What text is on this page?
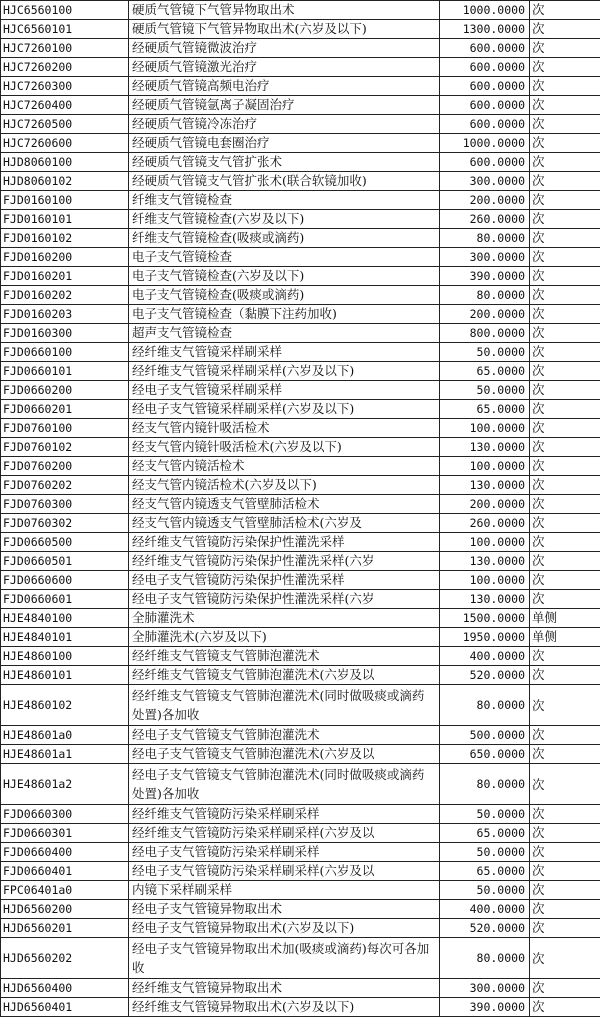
HJC6560100	硬质气管镜下气管异物取出术	1000.0000	次
HJC6560101	硬质气管镜下气管异物取出术(六岁及以下)	1300.0000	次
HJC7260100	经硬质气管镜微波治疗	600.0000	次
HJC7260200	经硬质气管镜激光治疗	600.0000	次
HJC7260300	经硬质气管镜高频电治疗	600.0000	次
HJC7260400	经硬质气管镜氩离子凝固治疗	600.0000	次
HJC7260500	经硬质气管镜冷冻治疗	600.0000	次
HJC7260600	经硬质气管镜电套圈治疗	1000.0000	次
HJD8060100	经硬质气管镜支气管扩张术	600.0000	次
HJD8060102	经硬质气管镜支气管扩张术(联合软镜加收)	300.0000	次
FJD0160100	纤维支气管镜检查	200.0000	次
FJD0160101	纤维支气管镜检查(六岁及以下)	260.0000	次
FJD0160102	纤维支气管镜检查(吸痰或滴药)	80.0000	次
FJD0160200	电子支气管镜检查	300.0000	次
FJD0160201	电子支气管镜检查(六岁及以下)	390.0000	次
FJD0160202	电子支气管镜检查(吸痰或滴药)	80.0000	次
FJD0160203	电子支气管镜检查（黏膜下注药加收)	200.0000	次
FJD0160300	超声支气管镜检查	800.0000	次
FJD0660100	经纤维支气管镜采样刷采样	50.0000	次
FJD0660101	经纤维支气管镜采样刷采样(六岁及以下)	65.0000	次
FJD0660200	经电子支气管镜采样刷采样	50.0000	次
FJD0660201	经电子支气管镜采样刷采样(六岁及以下)	65.0000	次
FJD0760100	经支气管内镜针吸活检术	100.0000	次
FJD0760102	经支气管内镜针吸活检术(六岁及以下)	130.0000	次
FJD0760200	经支气管内镜活检术	100.0000	次
FJD0760202	经支气管内镜活检术(六岁及以下)	130.0000	次
FJD0760300	经支气管内镜透支气管壁肺活检术	200.0000	次
FJD0760302	经支气管内镜透支气管壁肺活检术(六岁及	260.0000	次
FJD0660500	经纤维支气管镜防污染保护性灌洗采样	100.0000	次
FJD0660501	经纤维支气管镜防污染保护性灌洗采样(六岁	130.0000	次
FJD0660600	经电子支气管镜防污染保护性灌洗采样	100.0000	次
FJD0660601	经电子支气管镜防污染保护性灌洗采样(六岁	130.0000	次
HJE4840100	全肺灌洗术	1500.0000	单侧
HJE4840101	全肺灌洗术(六岁及以下)	1950.0000	单侧
HJE4860100	经纤维支气管镜支气管肺泡灌洗术	400.0000	次
HJE4860101	经纤维支气管镜支气管肺泡灌洗术(六岁及以	520.0000	次
HJE4860102	经纤维支气管镜支气管肺泡灌洗术(同时做吸痰或滴药处置)各加收	80.0000	次
HJE48601a0	经电子支气管镜支气管肺泡灌洗术	500.0000	次
HJE48601a1	经电子支气管镜支气管肺泡灌洗术(六岁及以	650.0000	次
HJE48601a2	经电子支气管镜支气管肺泡灌洗术(同时做吸痰或滴药处置)各加收	80.0000	次
FJD0660300	经纤维支气管镜防污染采样刷采样	50.0000	次
FJD0660301	经纤维支气管镜防污染采样刷采样(六岁及以	65.0000	次
FJD0660400	经电子支气管镜防污染采样刷采样	50.0000	次
FJD0660401	经电子支气管镜防污染采样刷采样(六岁及以	65.0000	次
FPC06401a0	内镜下采样刷采样	50.0000	次
HJD6560200	经电子支气管镜异物取出术	400.0000	次
HJD6560201	经电子支气管镜异物取出术(六岁及以下)	520.0000	次
HJD6560202	经电子支气管镜异物取出术加(吸痰或滴药)每次可各加收	80.0000	次
HJD6560400	经纤维支气管镜异物取出术	300.0000	次
HJD6560401	经纤维支气管镜异物取出术(六岁及以下)	390.0000	次
